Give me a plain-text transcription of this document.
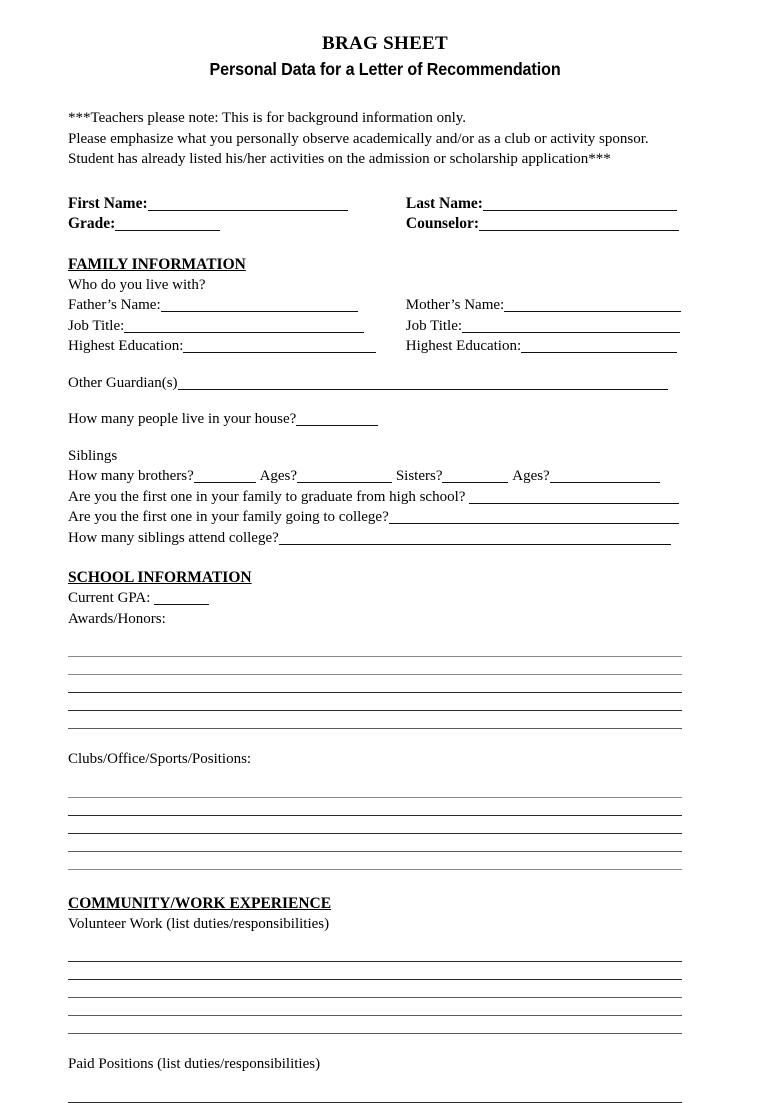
BRAG SHEET
Personal Data for a Letter of Recommendation
***Teachers please note: This is for background information only.
Please emphasize what you personally observe academically and/or as a club or activity sponsor.
Student has already listed his/her activities on the admission or scholarship application***
First Name:	Last Name:
Grade:	Counselor:
FAMILY INFORMATION
Who do you live with?
Father’s Name:	Mother’s Name:
Job Title:	Job Title:
Highest Education:	Highest Education:
Other Guardian(s)
How many people live in your house?
Siblings
How many brothers?	Ages?	Sisters?	Ages?
Are you the first one in your family to graduate from high school?
Are you the first one in your family going to college?
How many siblings attend college?
SCHOOL INFORMATION
Current GPA:
Awards/Honors:
Clubs/Office/Sports/Positions:
COMMUNITY/WORK EXPERIENCE
Volunteer Work (list duties/responsibilities)
Paid Positions (list duties/responsibilities)
